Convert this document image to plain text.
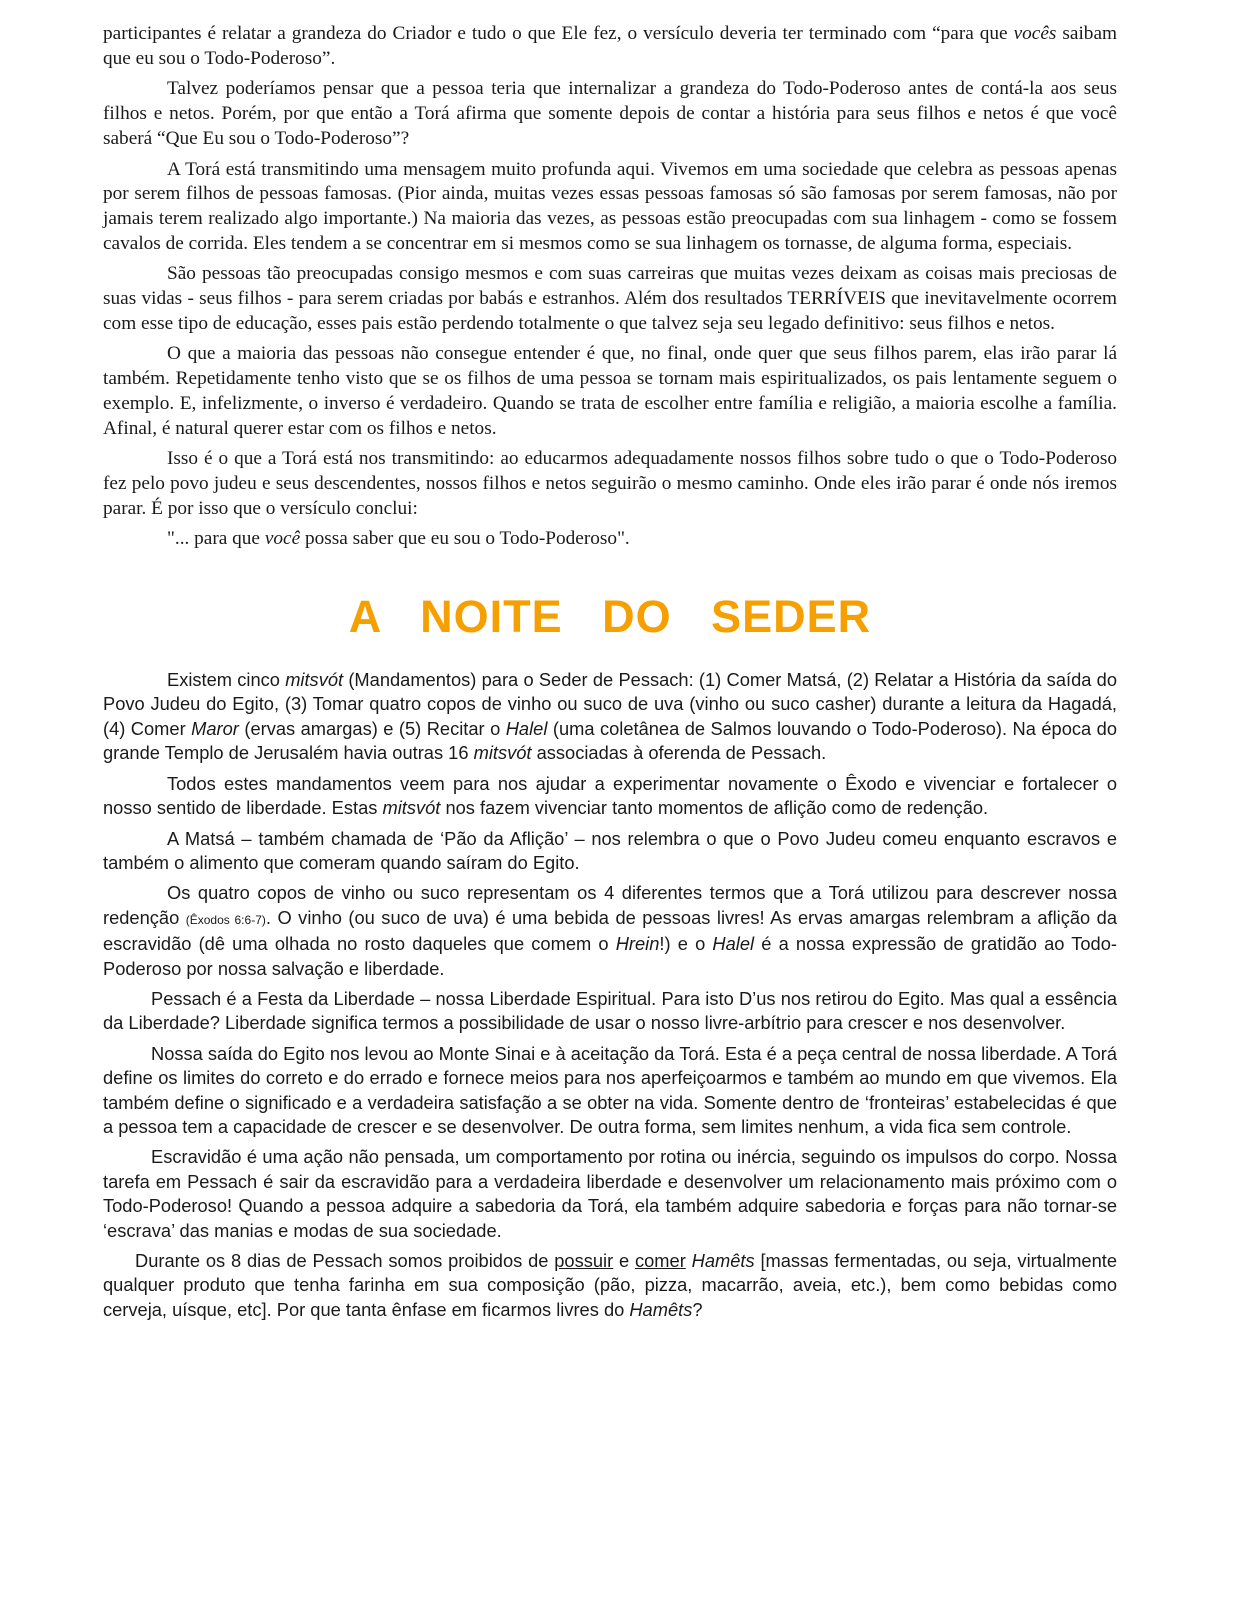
participantes é relatar a grandeza do Criador e tudo o que Ele fez, o versículo deveria ter terminado com “para que vocês saibam que eu sou o Todo-Poderoso”.

Talvez poderíamos pensar que a pessoa teria que internalizar a grandeza do Todo-Poderoso antes de contá-la aos seus filhos e netos. Porém, por que então a Torá afirma que somente depois de contar a história para seus filhos e netos é que você saberá “Que Eu sou o Todo-Poderoso”?

A Torá está transmitindo uma mensagem muito profunda aqui. Vivemos em uma sociedade que celebra as pessoas apenas por serem filhos de pessoas famosas. (Pior ainda, muitas vezes essas pessoas famosas só são famosas por serem famosas, não por jamais terem realizado algo importante.) Na maioria das vezes, as pessoas estão preocupadas com sua linhagem - como se fossem cavalos de corrida. Eles tendem a se concentrar em si mesmos como se sua linhagem os tornasse, de alguma forma, especiais.

São pessoas tão preocupadas consigo mesmos e com suas carreiras que muitas vezes deixam as coisas mais preciosas de suas vidas - seus filhos - para serem criadas por babás e estranhos. Além dos resultados TERRÍVEIS que inevitavelmente ocorrem com esse tipo de educação, esses pais estão perdendo totalmente o que talvez seja seu legado definitivo: seus filhos e netos.

O que a maioria das pessoas não consegue entender é que, no final, onde quer que seus filhos parem, elas irão parar lá também. Repetidamente tenho visto que se os filhos de uma pessoa se tornam mais espiritualizados, os pais lentamente seguem o exemplo. E, infelizmente, o inverso é verdadeiro. Quando se trata de escolher entre família e religião, a maioria escolhe a família. Afinal, é natural querer estar com os filhos e netos.

Isso é o que a Torá está nos transmitindo: ao educarmos adequadamente nossos filhos sobre tudo o que o Todo-Poderoso fez pelo povo judeu e seus descendentes, nossos filhos e netos seguirão o mesmo caminho. Onde eles irão parar é onde nós iremos parar. É por isso que o versículo conclui:

"... para que você possa saber que eu sou o Todo-Poderoso".

A NOITE DO SEDER

Existem cinco mitsvót (Mandamentos) para o Seder de Pessach: (1) Comer Matsá, (2) Relatar a História da saída do Povo Judeu do Egito, (3) Tomar quatro copos de vinho ou suco de uva (vinho ou suco casher) durante a leitura da Hagadá, (4) Comer Maror (ervas amargas) e (5) Recitar o Halel (uma coletânea de Salmos louvando o Todo-Poderoso). Na época do grande Templo de Jerusalém havia outras 16 mitsvót associadas à oferenda de Pessach.

Todos estes mandamentos veem para nos ajudar a experimentar novamente o Êxodo e vivenciar e fortalecer o nosso sentido de liberdade. Estas mitsvót nos fazem vivenciar tanto momentos de aflição como de redenção.

A Matsá – também chamada de ‘Pão da Aflição’ – nos relembra o que o Povo Judeu comeu enquanto escravos e também o alimento que comeram quando saíram do Egito.

Os quatro copos de vinho ou suco representam os 4 diferentes termos que a Torá utilizou para descrever nossa redenção (Êxodos 6:6-7). O vinho (ou suco de uva) é uma bebida de pessoas livres! As ervas amargas relembram a aflição da escravidão (dê uma olhada no rosto daqueles que comem o Hrein!) e o Halel é a nossa expressão de gratidão ao Todo-Poderoso por nossa salvação e liberdade.

Pessach é a Festa da Liberdade – nossa Liberdade Espiritual. Para isto D’us nos retirou do Egito. Mas qual a essência da Liberdade? Liberdade significa termos a possibilidade de usar o nosso livre-arbítrio para crescer e nos desenvolver.

Nossa saída do Egito nos levou ao Monte Sinai e à aceitação da Torá. Esta é a peça central de nossa liberdade. A Torá define os limites do correto e do errado e fornece meios para nos aperfeiçoarmos e também ao mundo em que vivemos. Ela também define o significado e a verdadeira satisfação a se obter na vida. Somente dentro de ‘fronteiras’ estabelecidas é que a pessoa tem a capacidade de crescer e se desenvolver. De outra forma, sem limites nenhum, a vida fica sem controle.

Escravidão é uma ação não pensada, um comportamento por rotina ou inércia, seguindo os impulsos do corpo. Nossa tarefa em Pessach é sair da escravidão para a verdadeira liberdade e desenvolver um relacionamento mais próximo com o Todo-Poderoso! Quando a pessoa adquire a sabedoria da Torá, ela também adquire sabedoria e forças para não tornar-se ‘escrava’ das manias e modas de sua sociedade.

Durante os 8 dias de Pessach somos proibidos de possuir e comer Hamêts [massas fermentadas, ou seja, virtualmente qualquer produto que tenha farinha em sua composição (pão, pizza, macarrão, aveia, etc.), bem como bebidas como cerveja, uísque, etc]. Por que tanta ênfase em ficarmos livres do Hamêts?
